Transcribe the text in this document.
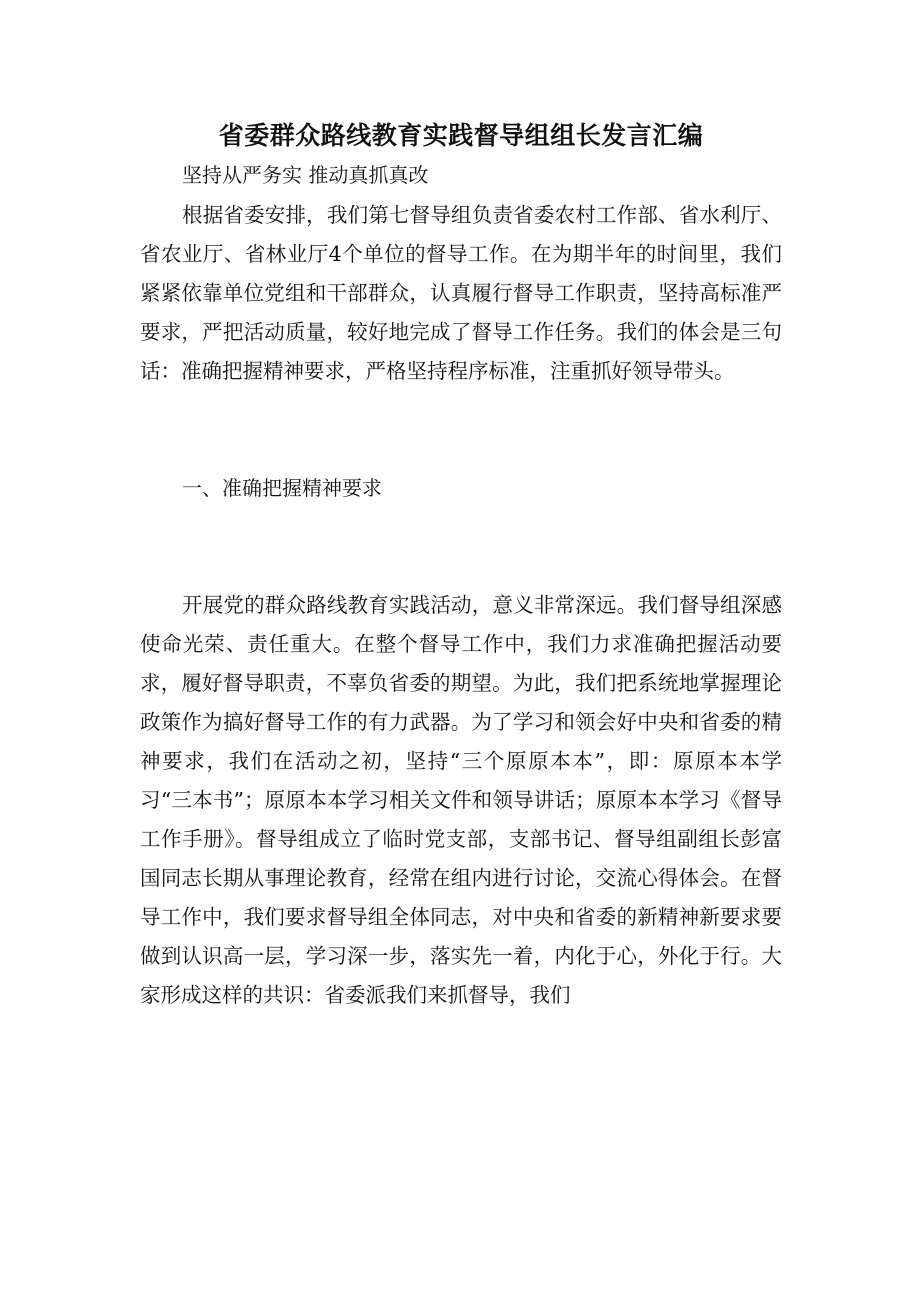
省委群众路线教育实践督导组组长发言汇编
坚持从严务实 推动真抓真改

根据省委安排，我们第七督导组负责省委农村工作部、省水利厅、省农业厅、省林业厅4个单位的督导工作。在为期半年的时间里，我们紧紧依靠单位党组和干部群众，认真履行督导工作职责，坚持高标准严要求，严把活动质量，较好地完成了督导工作任务。我们的体会是三句话：准确把握精神要求，严格坚持程序标准，注重抓好领导带头。

一、准确把握精神要求

开展党的群众路线教育实践活动，意义非常深远。我们督导组深感使命光荣、责任重大。在整个督导工作中，我们力求准确把握活动要求，履好督导职责，不辜负省委的期望。为此，我们把系统地掌握理论政策作为搞好督导工作的有力武器。为了学习和领会好中央和省委的精神要求，我们在活动之初，坚持“三个原原本本”，即：原原本本学习“三本书”；原原本本学习相关文件和领导讲话；原原本本学习《督导工作手册》。督导组成立了临时党支部，支部书记、督导组副组长彭富国同志长期从事理论教育，经常在组内进行讨论，交流心得体会。在督导工作中，我们要求督导组全体同志，对中央和省委的新精神新要求要做到认识高一层，学习深一步，落实先一着，内化于心，外化于行。大家形成这样的共识：省委派我们来抓督导，我们
